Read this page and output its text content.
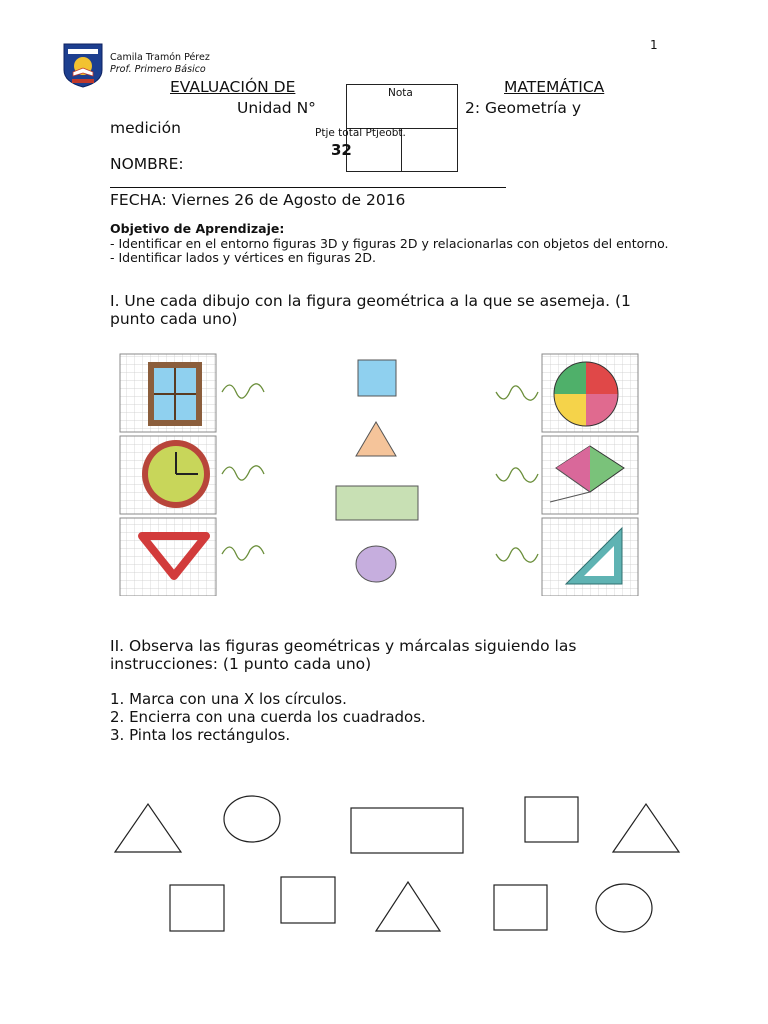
1
Camila Tramón Pérez
Prof. Primero Básico
EVALUACIÓN DE	MATEMÁTICA
Unidad N°	2: Geometría y
medición
Nota
Ptje total Ptjeobt.
32
NOMBRE:
FECHA: Viernes 26 de Agosto de 2016
Objetivo de Aprendizaje:
- Identificar en el entorno figuras 3D y figuras 2D y relacionarlas con objetos del entorno.
- Identificar lados y vértices en figuras 2D.
I. Une cada dibujo con la figura geométrica a la que se asemeja. (1 punto cada uno)
II. Observa las figuras geométricas y márcalas siguiendo las instrucciones: (1 punto cada uno)
1. Marca con una X los círculos.
2. Encierra con una cuerda los cuadrados.
3. Pinta los rectángulos.
